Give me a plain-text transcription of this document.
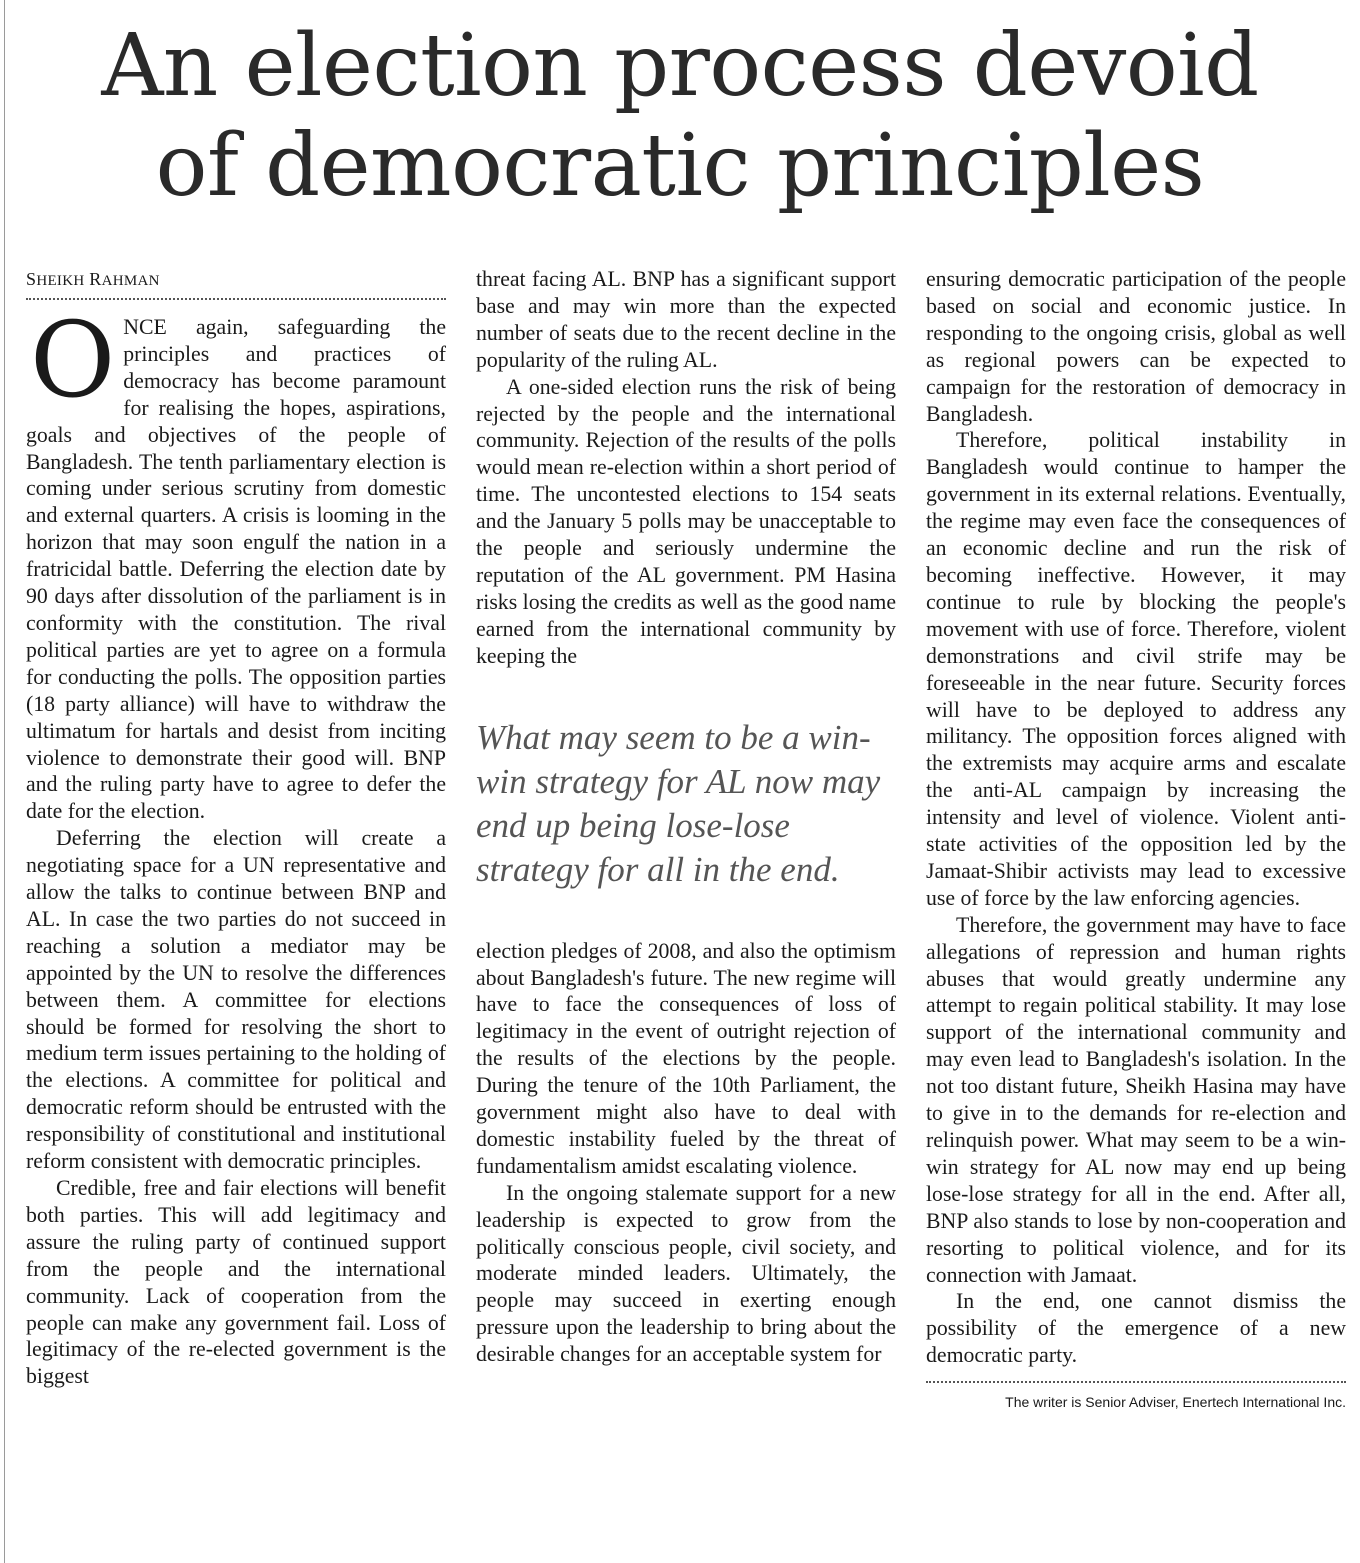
An election process devoid
of democratic principles
SHEIKH RAHMAN

ONCE again, safeguarding the principles and practices of democracy has become paramount for realising the hopes, aspirations, goals and objectives of the people of Bangladesh. The tenth parliamentary election is coming under serious scrutiny from domestic and external quarters. A crisis is looming in the horizon that may soon engulf the nation in a fratricidal battle. Deferring the election date by 90 days after dissolution of the parliament is in conformity with the constitution. The rival political parties are yet to agree on a formula for conducting the polls. The opposition parties (18 party alliance) will have to withdraw the ultimatum for hartals and desist from inciting violence to demonstrate their good will. BNP and the ruling party have to agree to defer the date for the election.

Deferring the election will create a negotiating space for a UN representative and allow the talks to continue between BNP and AL. In case the two parties do not succeed in reaching a solution a mediator may be appointed by the UN to resolve the differences between them. A committee for elections should be formed for resolving the short to medium term issues pertaining to the holding of the elections. A committee for political and democratic reform should be entrusted with the responsibility of constitutional and institutional reform consistent with democratic principles.

Credible, free and fair elections will benefit both parties. This will add legitimacy and assure the ruling party of continued support from the people and the international community. Lack of cooperation from the people can make any government fail. Loss of legitimacy of the re-elected government is the biggest

threat facing AL. BNP has a significant support base and may win more than the expected number of seats due to the recent decline in the popularity of the ruling AL.

A one-sided election runs the risk of being rejected by the people and the international community. Rejection of the results of the polls would mean re-election within a short period of time. The uncontested elections to 154 seats and the January 5 polls may be unacceptable to the people and seriously undermine the reputation of the AL government. PM Hasina risks losing the credits as well as the good name earned from the international community by keeping the

What may seem to be a win-win strategy for AL now may end up being lose-lose strategy for all in the end.

election pledges of 2008, and also the optimism about Bangladesh's future. The new regime will have to face the consequences of loss of legitimacy in the event of outright rejection of the results of the elections by the people. During the tenure of the 10th Parliament, the government might also have to deal with domestic instability fueled by the threat of fundamentalism amidst escalating violence.

In the ongoing stalemate support for a new leadership is expected to grow from the politically conscious people, civil society, and moderate minded leaders. Ultimately, the people may succeed in exerting enough pressure upon the leadership to bring about the desirable changes for an acceptable system for

ensuring democratic participation of the people based on social and economic justice. In responding to the ongoing crisis, global as well as regional powers can be expected to campaign for the restoration of democracy in Bangladesh.

Therefore, political instability in Bangladesh would continue to hamper the government in its external relations. Eventually, the regime may even face the consequences of an economic decline and run the risk of becoming ineffective. However, it may continue to rule by blocking the people's movement with use of force. Therefore, violent demonstrations and civil strife may be foreseeable in the near future. Security forces will have to be deployed to address any militancy. The opposition forces aligned with the extremists may acquire arms and escalate the anti-AL campaign by increasing the intensity and level of violence. Violent anti-state activities of the opposition led by the Jamaat-Shibir activists may lead to excessive use of force by the law enforcing agencies.

Therefore, the government may have to face allegations of repression and human rights abuses that would greatly undermine any attempt to regain political stability. It may lose support of the international community and may even lead to Bangladesh's isolation. In the not too distant future, Sheikh Hasina may have to give in to the demands for re-election and relinquish power. What may seem to be a win-win strategy for AL now may end up being lose-lose strategy for all in the end. After all, BNP also stands to lose by non-cooperation and resorting to political violence, and for its connection with Jamaat.

In the end, one cannot dismiss the possibility of the emergence of a new democratic party.

The writer is Senior Adviser, Enertech International Inc.
